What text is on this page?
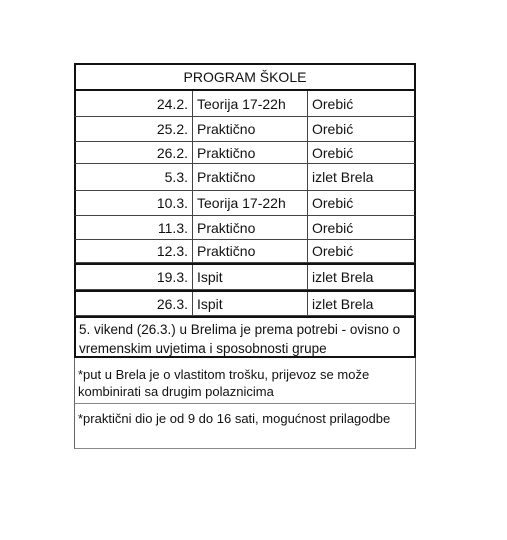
PROGRAM ŠKOLE
24.2. Teorija 17-22h	Orebić
25.2. Praktično	Orebić
26.2. Praktično	Orebić
5.3. Praktično	izlet Brela
10.3. Teorija 17-22h	Orebić
11.3. Praktično	Orebić
12.3. Praktično	Orebić
19.3. Ispit	izlet Brela
26.3. Ispit	izlet Brela
5. vikend (26.3.) u Brelima je prema potrebi - ovisno o vremenskim uvjetima i sposobnosti grupe
*put u Brela je o vlastitom trošku, prijevoz se može kombinirati sa drugim polaznicima
*praktični dio je od 9 do 16 sati, mogućnost prilagodbe
